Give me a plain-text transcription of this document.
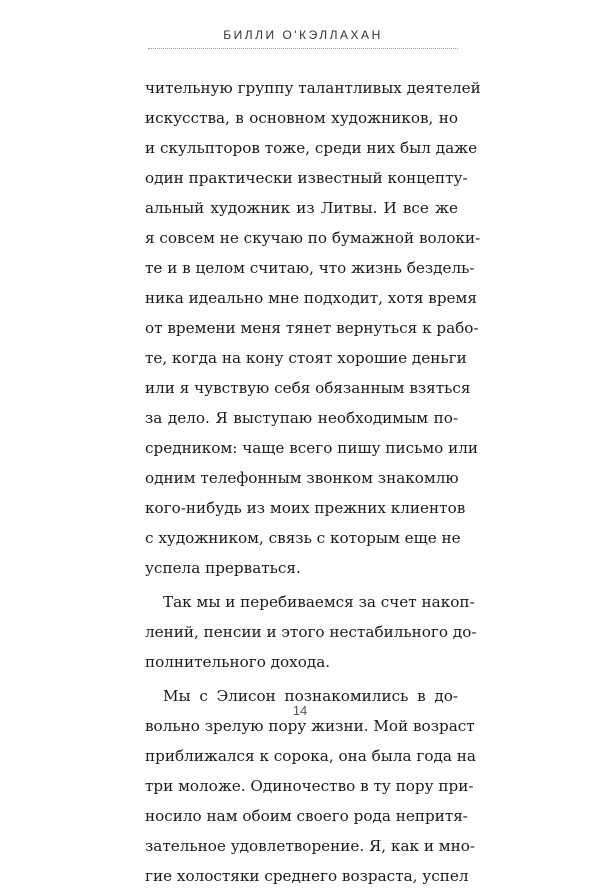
БИЛЛИ О'КЭЛЛАХАН
чительную группу талантливых деятелей
искусства, в основном художников, но
и скульпторов тоже, среди них был даже
один практически известный концепту-
альный художник из Литвы. И все же
я совсем не скучаю по бумажной волоки-
те и в целом считаю, что жизнь бездель-
ника идеально мне подходит, хотя время
от времени меня тянет вернуться к рабо-
те, когда на кону стоят хорошие деньги
или я чувствую себя обязанным взяться
за дело. Я выступаю необходимым по-
средником: чаще всего пишу письмо или
одним телефонным звонком знакомлю
кого-нибудь из моих прежних клиентов
с художником, связь с которым еще не
успела прерваться.
Так мы и перебиваемся за счет накоп-
лений, пенсии и этого нестабильного до-
полнительного дохода.
Мы с Элисон познакомились в до-
вольно зрелую пору жизни. Мой возраст
приближался к сорока, она была года на
три моложе. Одиночество в ту пору при-
носило нам обоим своего рода непритя-
зательное удовлетворение. Я, как и мно-
гие холостяки среднего возраста, успел
14
